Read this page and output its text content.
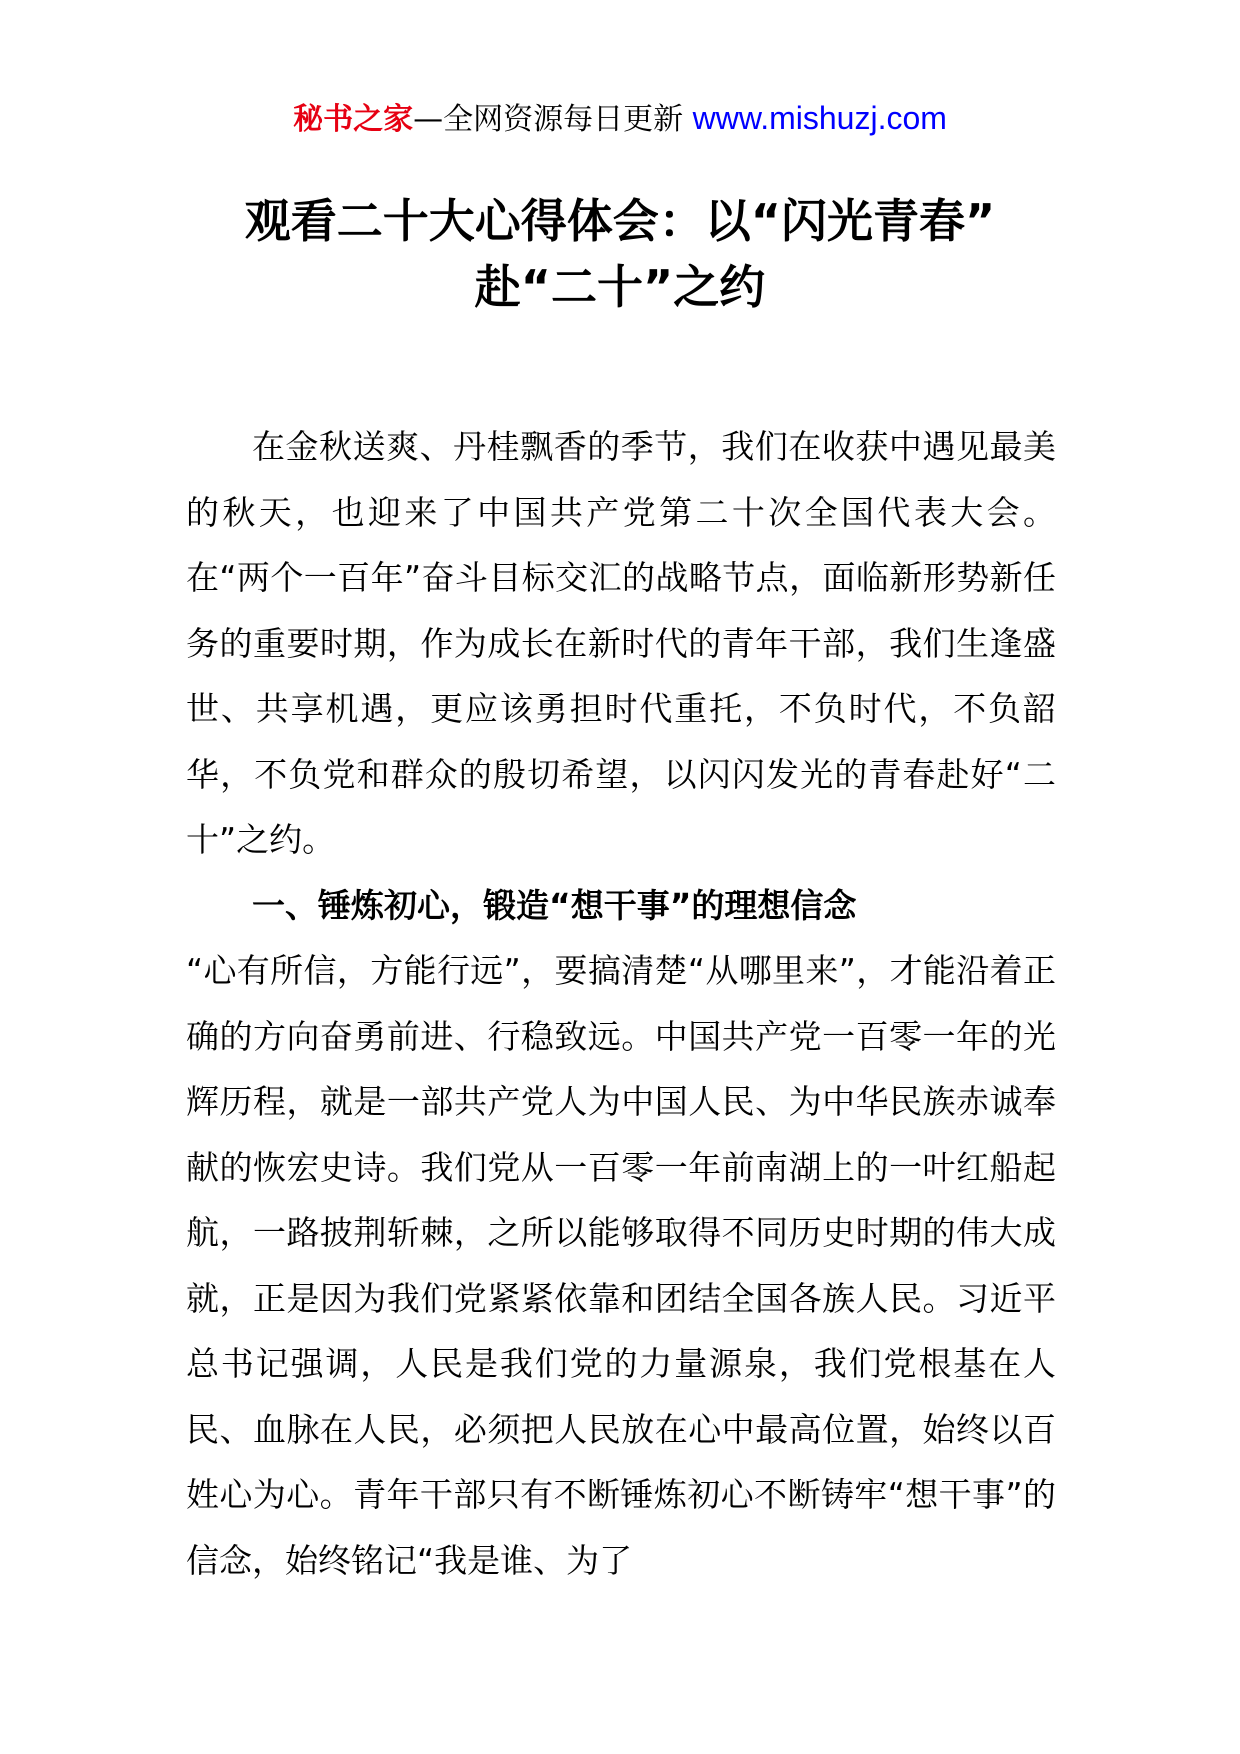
秘书之家—全网资源每日更新 www.mishuzj.com
观看二十大心得体会：以“闪光青春”
赴“二十”之约

在金秋送爽、丹桂飘香的季节，我们在收获中遇见最美的秋天，也迎来了中国共产党第二十次全国代表大会。在“两个一百年”奋斗目标交汇的战略节点，面临新形势新任务的重要时期，作为成长在新时代的青年干部，我们生逢盛世、共享机遇，更应该勇担时代重托，不负时代，不负韶华，不负党和群众的殷切希望，以闪闪发光的青春赴好“二十”之约。

一、锤炼初心，锻造“想干事”的理想信念

“心有所信，方能行远”，要搞清楚“从哪里来”，才能沿着正确的方向奋勇前进、行稳致远。中国共产党一百零一年的光辉历程，就是一部共产党人为中国人民、为中华民族赤诚奉献的恢宏史诗。我们党从一百零一年前南湖上的一叶红船起航，一路披荆斩棘，之所以能够取得不同历史时期的伟大成就，正是因为我们党紧紧依靠和团结全国各族人民。习近平总书记强调，人民是我们党的力量源泉，我们党根基在人民、血脉在人民，必须把人民放在心中最高位置，始终以百姓心为心。青年干部只有不断锤炼初心不断铸牢“想干事”的信念，始终铭记“我是谁、为了
